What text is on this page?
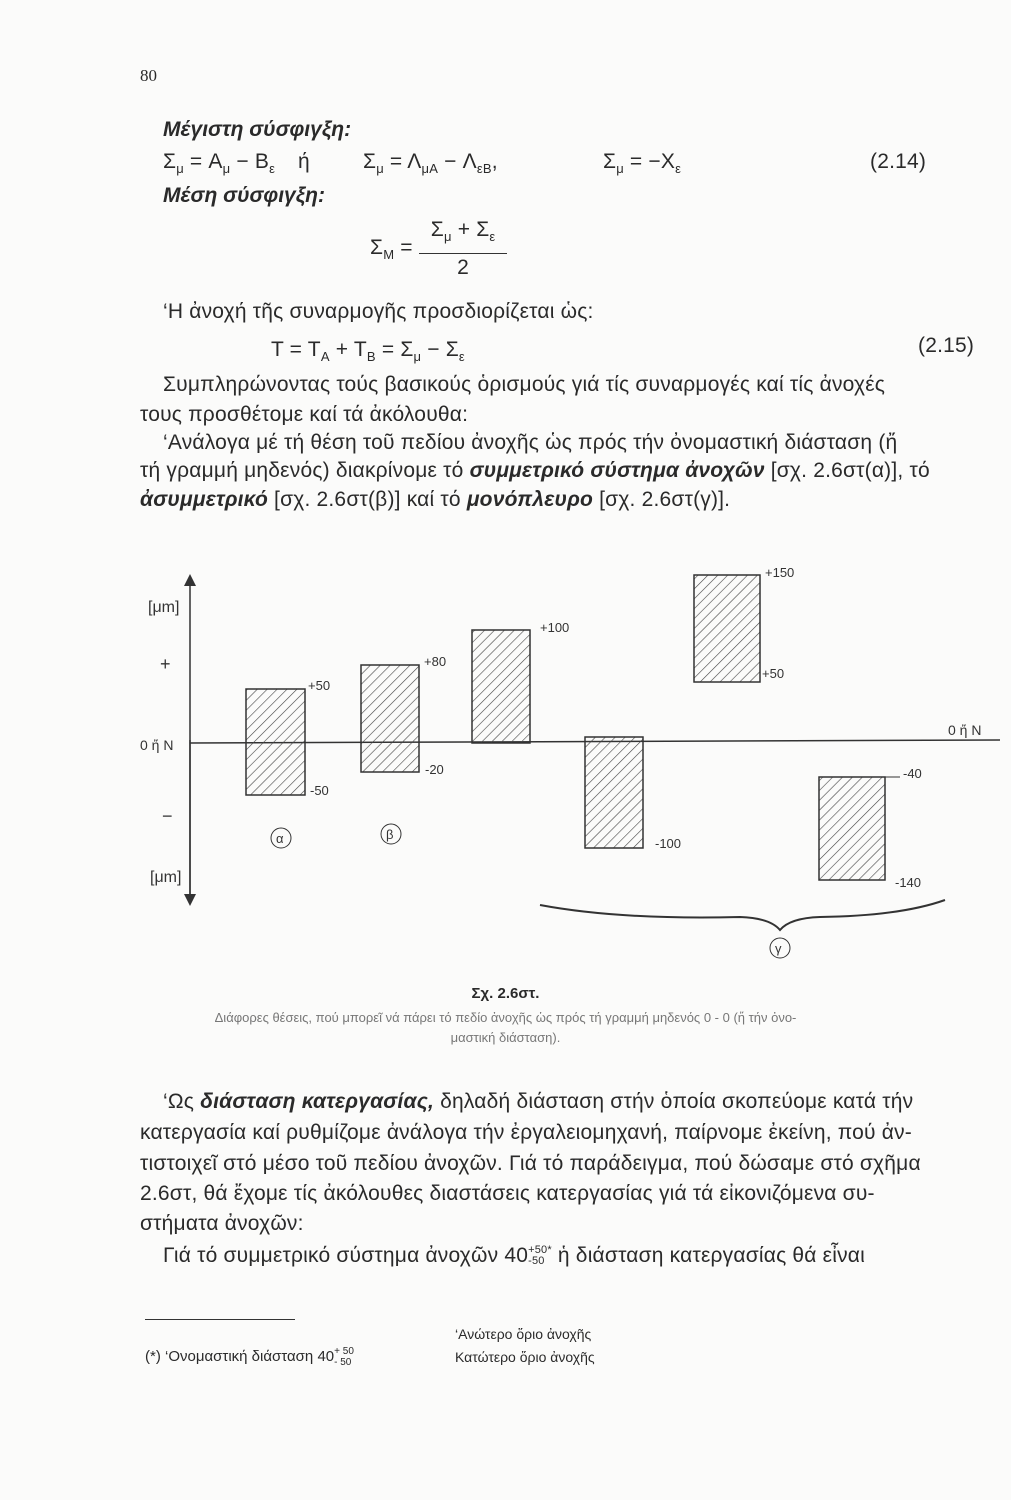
80
Μέγιστη σύσφιγξη:
$\Sigma_\mu = A_\mu - B_\varepsilon$ ή	$\Sigma_\mu = \Lambda_{\mu A} - \Lambda_{\varepsilon B}$,	$\Sigma_\mu = -X_\varepsilon$	(2.14)
Μέση σύσφιγξη:
$\Sigma_M = \frac{\Sigma_\mu + \Sigma_\varepsilon}{2}$
‘Η ἀνοχή τῆς συναρμογῆς προσδιορίζεται ὡς:
$T = T_A + T_B = \Sigma_\mu - \Sigma_\varepsilon$	(2.15)
Συμπληρώνοντας τούς βασικούς ὁρισμούς γιά τίς συναρμογές καί τίς ἀνοχές
τους προσθέτομε καί τά ἀκόλουθα:
‘Ανάλογα μέ τή θέση τοῦ πεδίου ἀνοχῆς ὡς πρός τήν ὀνομαστική διάσταση (ἤ
τή γραμμή μηδενός) διακρίνομε τό συμμετρικό σύστημα ἀνοχῶν [σχ. 2.6στ(α)], τό
ἀσυμμετρικό [σχ. 2.6στ(β)] καί τό μονόπλευρο [σχ. 2.6στ(γ)].
[μm]
+
0 ἤ N
−
[μm]
0 ἤ N
+50
-50
+80
-20
+100
-100
+150
+50
-40
-140
α	β
γ
Σχ. 2.6στ.
Διάφορες θέσεις, πού μπορεῖ νά πάρει τό πεδίο ἀνοχῆς ὡς πρός τή γραμμή μηδενός 0 - 0 (ἤ τήν ὀνο-
μαστική διάσταση).
‘Ως διάσταση κατεργασίας, δηλαδή διάσταση στήν ὁποία σκοπεύομε κατά τήν
κατεργασία καί ρυθμίζομε ἀνάλογα τήν ἐργαλειομηχανή, παίρνομε ἐκείνη, πού ἀν-
τιστοιχεῖ στό μέσο τοῦ πεδίου ἀνοχῶν. Γιά τό παράδειγμα, πού δώσαμε στό σχῆμα
2.6στ, θά ἔχομε τίς ἀκόλουθες διαστάσεις κατεργασίας γιά τά εἰκονιζόμενα συ-
στήματα ἀνοχῶν:
Γιά τό συμμετρικό σύστημα ἀνοχῶν 40 +50*
-50 ἡ διάσταση κατεργασίας θά εἶναι
(*) ‘Ονομαστική διάσταση 40 + 50
- 50
‘Ανώτερο ὅριο ἀνοχῆς
Κατώτερο ὅριο ἀνοχῆς
